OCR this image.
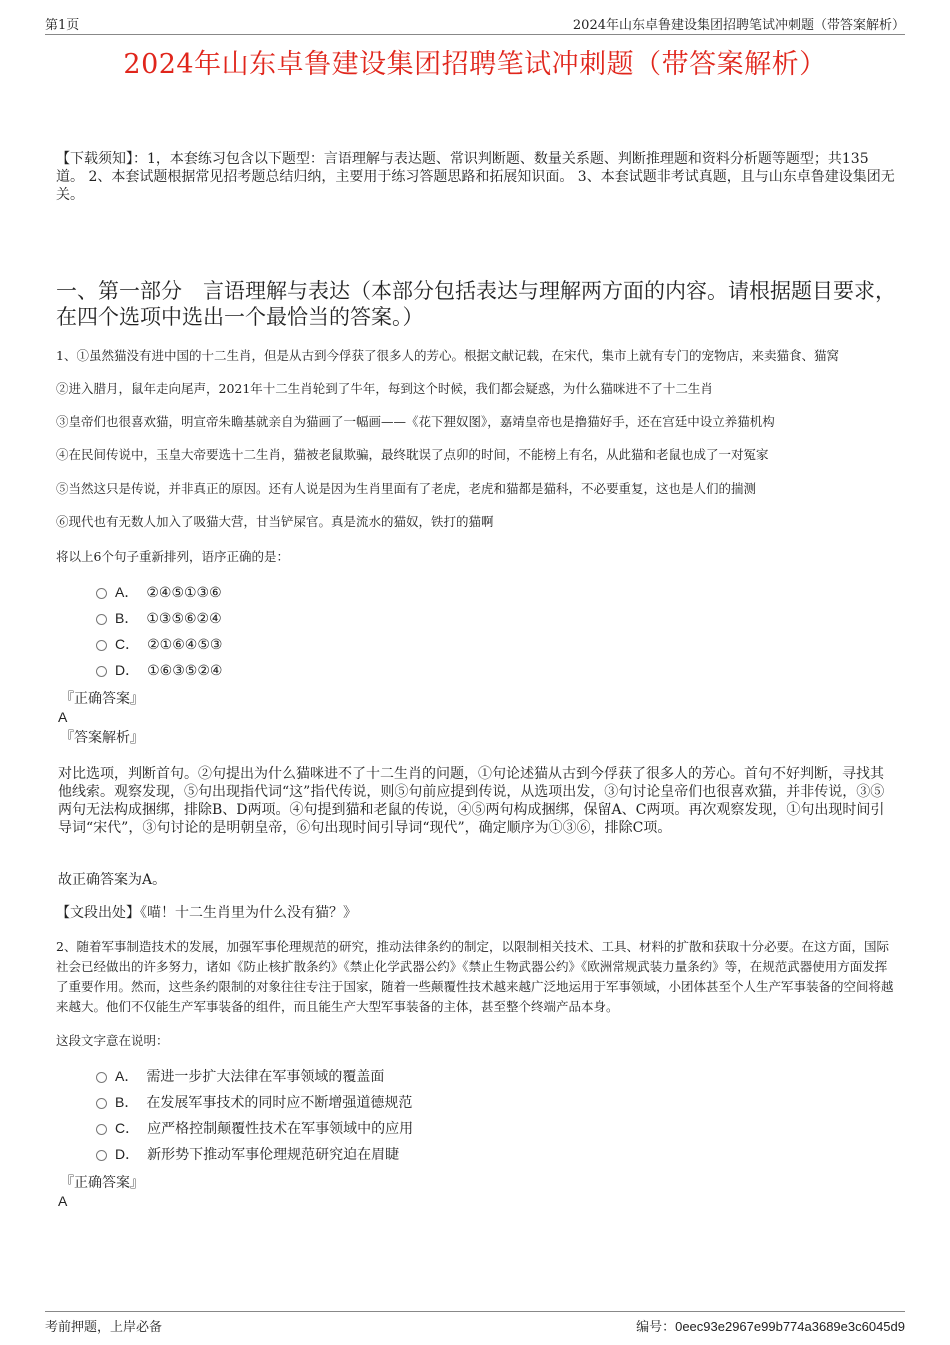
第1页	2024年山东卓鲁建设集团招聘笔试冲刺题（带答案解析）
2024年山东卓鲁建设集团招聘笔试冲刺题（带答案解析）
【下载须知】：1，本套练习包含以下题型：言语理解与表达题、常识判断题、数量关系题、判断推理题和资料分析题等题型；共135道。 2、本套试题根据常见招考题总结归纳，主要用于练习答题思路和拓展知识面。 3、本套试题非考试真题，且与山东卓鲁建设集团无关。
一、第一部分　言语理解与表达（本部分包括表达与理解两方面的内容。请根据题目要求，在四个选项中选出一个最恰当的答案。）
1、①虽然猫没有进中国的十二生肖，但是从古到今俘获了很多人的芳心。根据文献记载，在宋代，集市上就有专门的宠物店，来卖猫食、猫窝
②进入腊月，鼠年走向尾声，2021年十二生肖轮到了牛年，每到这个时候，我们都会疑惑，为什么猫咪进不了十二生肖
③皇帝们也很喜欢猫，明宣帝朱瞻基就亲自为猫画了一幅画——《花下狸奴图》，嘉靖皇帝也是撸猫好手，还在宫廷中设立养猫机构
④在民间传说中，玉皇大帝要选十二生肖，猫被老鼠欺骗，最终耽误了点卯的时间，不能榜上有名，从此猫和老鼠也成了一对冤家
⑤当然这只是传说，并非真正的原因。还有人说是因为生肖里面有了老虎，老虎和猫都是猫科，不必要重复，这也是人们的揣测
⑥现代也有无数人加入了吸猫大营，甘当铲屎官。真是流水的猫奴，铁打的猫啊
将以上6个句子重新排列，语序正确的是：
A． ②④⑤①③⑥
B． ①③⑤⑥②④
C． ②①⑥④⑤③
D． ①⑥③⑤②④
『正确答案』
A
『答案解析』
对比选项，判断首句。②句提出为什么猫咪进不了十二生肖的问题，①句论述猫从古到今俘获了很多人的芳心。首句不好判断，寻找其他线索。观察发现，⑤句出现指代词“这”指代传说，则⑤句前应提到传说，从选项出发，③句讨论皇帝们也很喜欢猫，并非传说，③⑤两句无法构成捆绑，排除B、D两项。④句提到猫和老鼠的传说，④⑤两句构成捆绑，保留A、C两项。再次观察发现，①句出现时间引导词“宋代”，③句讨论的是明朝皇帝，⑥句出现时间引导词“现代”，确定顺序为①③⑥，排除C项。
故正确答案为A。
【文段出处】《喵！十二生肖里为什么没有猫？》
2、随着军事制造技术的发展，加强军事伦理规范的研究，推动法律条约的制定，以限制相关技术、工具、材料的扩散和获取十分必要。在这方面，国际社会已经做出的许多努力，诸如《防止核扩散条约》《禁止化学武器公约》《禁止生物武器公约》《欧洲常规武装力量条约》等，在规范武器使用方面发挥了重要作用。然而，这些条约限制的对象往往专注于国家，随着一些颠覆性技术越来越广泛地运用于军事领域，小团体甚至个人生产军事装备的空间将越来越大。他们不仅能生产军事装备的组件，而且能生产大型军事装备的主体，甚至整个终端产品本身。
这段文字意在说明：
A． 需进一步扩大法律在军事领域的覆盖面
B． 在发展军事技术的同时应不断增强道德规范
C． 应严格控制颠覆性技术在军事领域中的应用
D． 新形势下推动军事伦理规范研究迫在眉睫
『正确答案』
A
考前押题，上岸必备	编号：0eec93e2967e99b774a3689e3c6045d9
